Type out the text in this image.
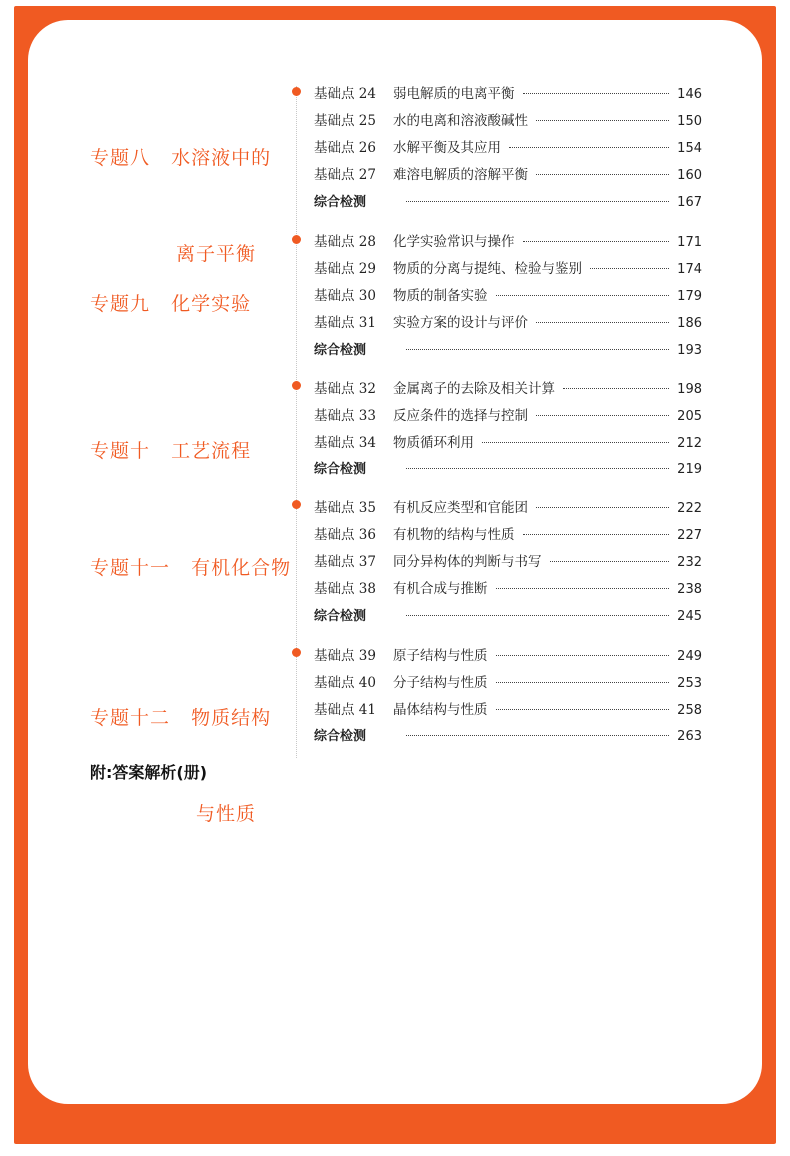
专题八   水溶液中的

离子平衡

基础点 24	弱电解质的电离平衡	146
基础点 25	水的电离和溶液酸碱性	150
基础点 26	水解平衡及其应用	154
基础点 27	难溶电解质的溶解平衡	160
综合检测	167

专题九   化学实验

基础点 28	化学实验常识与操作	171
基础点 29	物质的分离与提纯、检验与鉴别	174
基础点 30	物质的制备实验	179
基础点 31	实验方案的设计与评价	186
综合检测	193

专题十   工艺流程

基础点 32	金属离子的去除及相关计算	198
基础点 33	反应条件的选择与控制	205
基础点 34	物质循环利用	212
综合检测	219

专题十一   有机化合物

基础点 35	有机反应类型和官能团	222
基础点 36	有机物的结构与性质	227
基础点 37	同分异构体的判断与书写	232
基础点 38	有机合成与推断	238
综合检测	245

专题十二   物质结构

与性质

基础点 39	原子结构与性质	249
基础点 40	分子结构与性质	253
基础点 41	晶体结构与性质	258
综合检测	263
附:答案解析(册)
